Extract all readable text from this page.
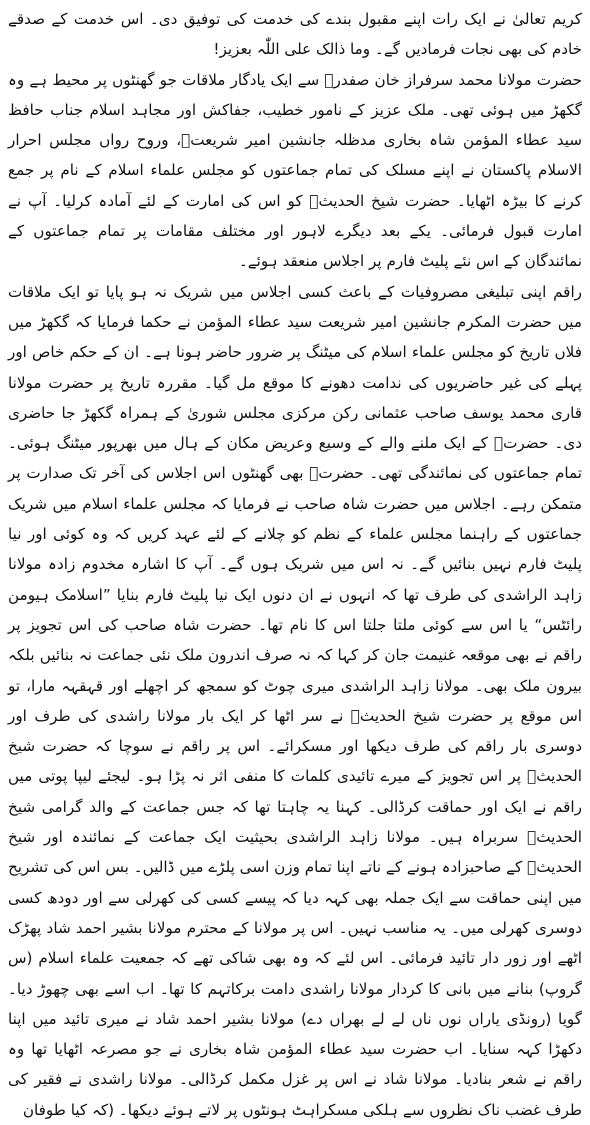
کریم تعالیٰ نے ایک رات اپنے مقبول بندے کی خدمت کی توفیق دی۔ اس خدمت کے صدقے خادم کی بھی نجات فرمادیں گے۔ وما ذالک علی اللّٰہ بعزیز!

حضرت مولانا محمد سرفراز خان صفدرؒ سے ایک یادگار ملاقات جو گھنٹوں پر محیط ہے وہ گکھڑ میں ہوئی تھی۔ ملک عزیز کے نامور خطیب، جفاکش اور مجاہد اسلام جناب حافظ سید عطاء المؤمن شاہ بخاری مدظلہ جانشین امیر شریعتؒ، وروح رواں مجلس احرار الاسلام پاکستان نے اپنے مسلک کی تمام جماعتوں کو مجلس علماء اسلام کے نام پر جمع کرنے کا بیڑہ اٹھایا۔ حضرت شیخ الحدیثؒ کو اس کی امارت کے لئے آمادہ کرلیا۔ آپ نے امارت قبول فرمائی۔ یکے بعد دیگرے لاہور اور مختلف مقامات پر تمام جماعتوں کے نمائندگان کے اس نئے پلیٹ فارم پر اجلاس منعقد ہوئے۔

راقم اپنی تبلیغی مصروفیات کے باعث کسی اجلاس میں شریک نہ ہو پایا تو ایک ملاقات میں حضرت المکرم جانشین امیر شریعت سید عطاء المؤمن نے حکما فرمایا کہ گکھڑ میں فلاں تاریخ کو مجلس علماء اسلام کی میٹنگ پر ضرور حاضر ہونا ہے۔ ان کے حکم خاص اور پہلے کی غیر حاضریوں کی ندامت دھونے کا موقع مل گیا۔ مقررہ تاریخ پر حضرت مولانا قاری محمد یوسف صاحب عثمانی رکن مرکزی مجلس شوریٰ کے ہمراہ گکھڑ جا حاضری دی۔ حضرتؒ کے ایک ملنے والے کے وسیع وعریض مکان کے ہال میں بھرپور میٹنگ ہوئی۔ تمام جماعتوں کی نمائندگی تھی۔ حضرتؒ بھی گھنٹوں اس اجلاس کی آخر تک صدارت پر متمکن رہے۔ اجلاس میں حضرت شاہ صاحب نے فرمایا کہ مجلس علماء اسلام میں شریک جماعتوں کے راہنما مجلس علماء کے نظم کو چلانے کے لئے عہد کریں کہ وہ کوئی اور نیا پلیٹ فارم نہیں بنائیں گے۔ نہ اس میں شریک ہوں گے۔ آپ کا اشارہ مخدوم زادہ مولانا زاہد الراشدی کی طرف تھا کہ انہوں نے ان دنوں ایک نیا پلیٹ فارم بنایا ”اسلامک ہیومن رائٹس“ یا اس سے کوئی ملتا جلتا اس کا نام تھا۔ حضرت شاہ صاحب کی اس تجویز پر راقم نے بھی موقعہ غنیمت جان کر کہا کہ نہ صرف اندرون ملک نئی جماعت نہ بنائیں بلکہ بیرون ملک بھی۔ مولانا زاہد الراشدی میری چوٹ کو سمجھ کر اچھلے اور قہقہہ مارا، تو اس موقع پر حضرت شیخ الحدیثؒ نے سر اٹھا کر ایک بار مولانا راشدی کی طرف اور دوسری بار راقم کی طرف دیکھا اور مسکرائے۔ اس پر راقم نے سوچا کہ حضرت شیخ الحدیثؒ پر اس تجویز کے میرے تائیدی کلمات کا منفی اثر نہ پڑا ہو۔ لیجئے لیپا پوتی میں راقم نے ایک اور حماقت کرڈالی۔ کہنا یہ چاہتا تھا کہ جس جماعت کے والد گرامی شیخ الحدیثؒ سربراہ ہیں۔ مولانا زاہد الراشدی بحیثیت ایک جماعت کے نمائندہ اور شیخ الحدیثؒ کے صاحبزادہ ہونے کے ناتے اپنا تمام وزن اسی پلڑے میں ڈالیں۔ بس اس کی تشریح میں اپنی حماقت سے ایک جملہ بھی کہہ دیا کہ پیسے کسی کی کھرلی سے اور دودھ کسی دوسری کھرلی میں۔ یہ مناسب نہیں۔ اس پر مولانا کے محترم مولانا بشیر احمد شاد پھڑک اٹھے اور زور دار تائید فرمائی۔ اس لئے کہ وہ بھی شاکی تھے کہ جمعیت علماء اسلام (س گروپ) بنانے میں بانی کا کردار مولانا راشدی دامت برکاتہم کا تھا۔ اب اسے بھی چھوڑ دیا۔ گویا (رونڈی یاراں نوں ناں لے لے بھراں دے) مولانا بشیر احمد شاد نے میری تائید میں اپنا دکھڑا کہہ سنایا۔ اب حضرت سید عطاء المؤمن شاہ بخاری نے جو مصرعہ اٹھایا تھا وہ راقم نے شعر بنادیا۔ مولانا شاد نے اس پر غزل مکمل کرڈالی۔ مولانا راشدی نے فقیر کی طرف غضب ناک نظروں سے ہلکی مسکراہٹ ہونٹوں پر لاتے ہوئے دیکھا۔ (کہ کیا طوفان
